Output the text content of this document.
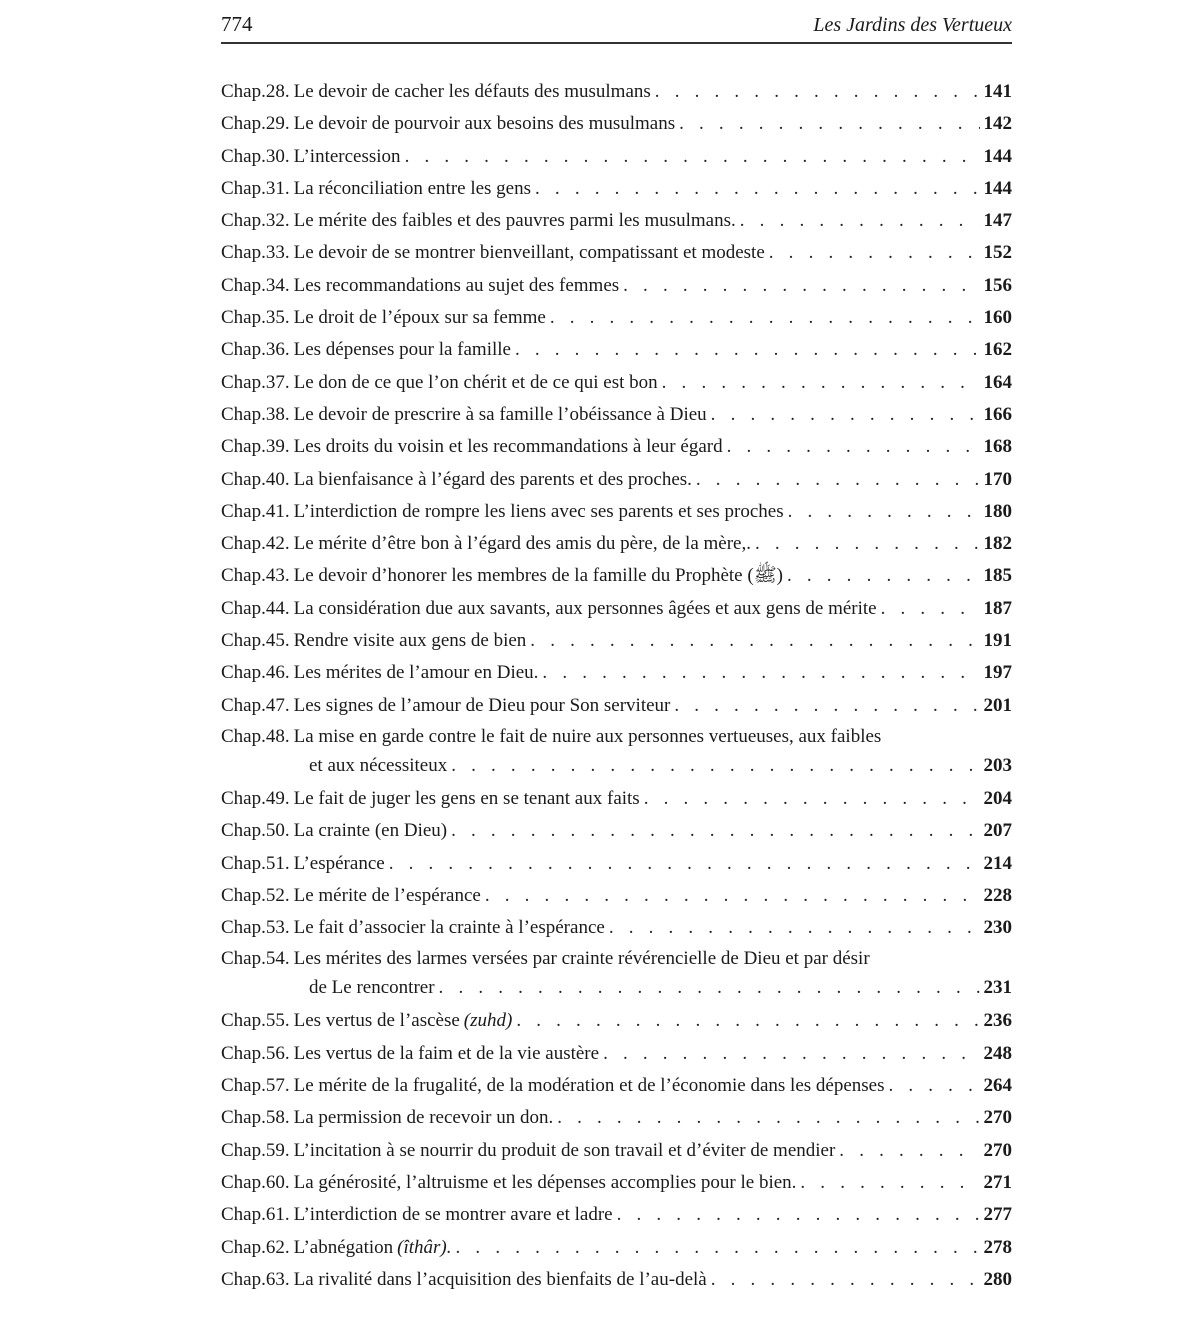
774	Les Jardins des Vertueux
Chap.28. Le devoir de cacher les défauts des musulmans . . .	141
Chap.29. Le devoir de pourvoir aux besoins des musulmans . . .	142
Chap.30. L’intercession . . .	144
Chap.31. La réconciliation entre les gens . . .	144
Chap.32. Le mérite des faibles et des pauvres parmi les musulmans. . . .	147
Chap.33. Le devoir de se montrer bienveillant, compatissant et modeste . . .	152
Chap.34. Les recommandations au sujet des femmes . . .	156
Chap.35. Le droit de l’époux sur sa femme . . .	160
Chap.36. Les dépenses pour la famille . . .	162
Chap.37. Le don de ce que l’on chérit et de ce qui est bon . . .	164
Chap.38. Le devoir de prescrire à sa famille l’obéissance à Dieu . . .	166
Chap.39. Les droits du voisin et les recommandations à leur égard . . .	168
Chap.40. La bienfaisance à l’égard des parents et des proches. . . .	170
Chap.41. L’interdiction de rompre les liens avec ses parents et ses proches . . .	180
Chap.42. Le mérite d’être bon à l’égard des amis du père, de la mère,. . . .	182
Chap.43. Le devoir d’honorer les membres de la famille du Prophète (ﷺ) . . .	185
Chap.44. La considération due aux savants, aux personnes âgées et aux gens de mérite . . .	187
Chap.45. Rendre visite aux gens de bien . . .	191
Chap.46. Les mérites de l’amour en Dieu. . . .	197
Chap.47. Les signes de l’amour de Dieu pour Son serviteur . . .	201
Chap.48. La mise en garde contre le fait de nuire aux personnes vertueuses, aux faibles
et aux nécessiteux . . .	203
Chap.49. Le fait de juger les gens en se tenant aux faits . . .	204
Chap.50. La crainte (en Dieu) . . .	207
Chap.51. L’espérance . . .	214
Chap.52. Le mérite de l’espérance . . .	228
Chap.53. Le fait d’associer la crainte à l’espérance . . .	230
Chap.54. Les mérites des larmes versées par crainte révérencielle de Dieu et par désir
de Le rencontrer . . .	231
Chap.55. Les vertus de l’ascèse (zuhd) . . .	236
Chap.56. Les vertus de la faim et de la vie austère . . .	248
Chap.57. Le mérite de la frugalité, de la modération et de l’économie dans les dépenses . . .	264
Chap.58. La permission de recevoir un don. . . .	270
Chap.59. L’incitation à se nourrir du produit de son travail et d’éviter de mendier . . .	270
Chap.60. La générosité, l’altruisme et les dépenses accomplies pour le bien. . . .	271
Chap.61. L’interdiction de se montrer avare et ladre . . .	277
Chap.62. L’abnégation (îthâr). . . .	278
Chap.63. La rivalité dans l’acquisition des bienfaits de l’au-delà . . .	280
